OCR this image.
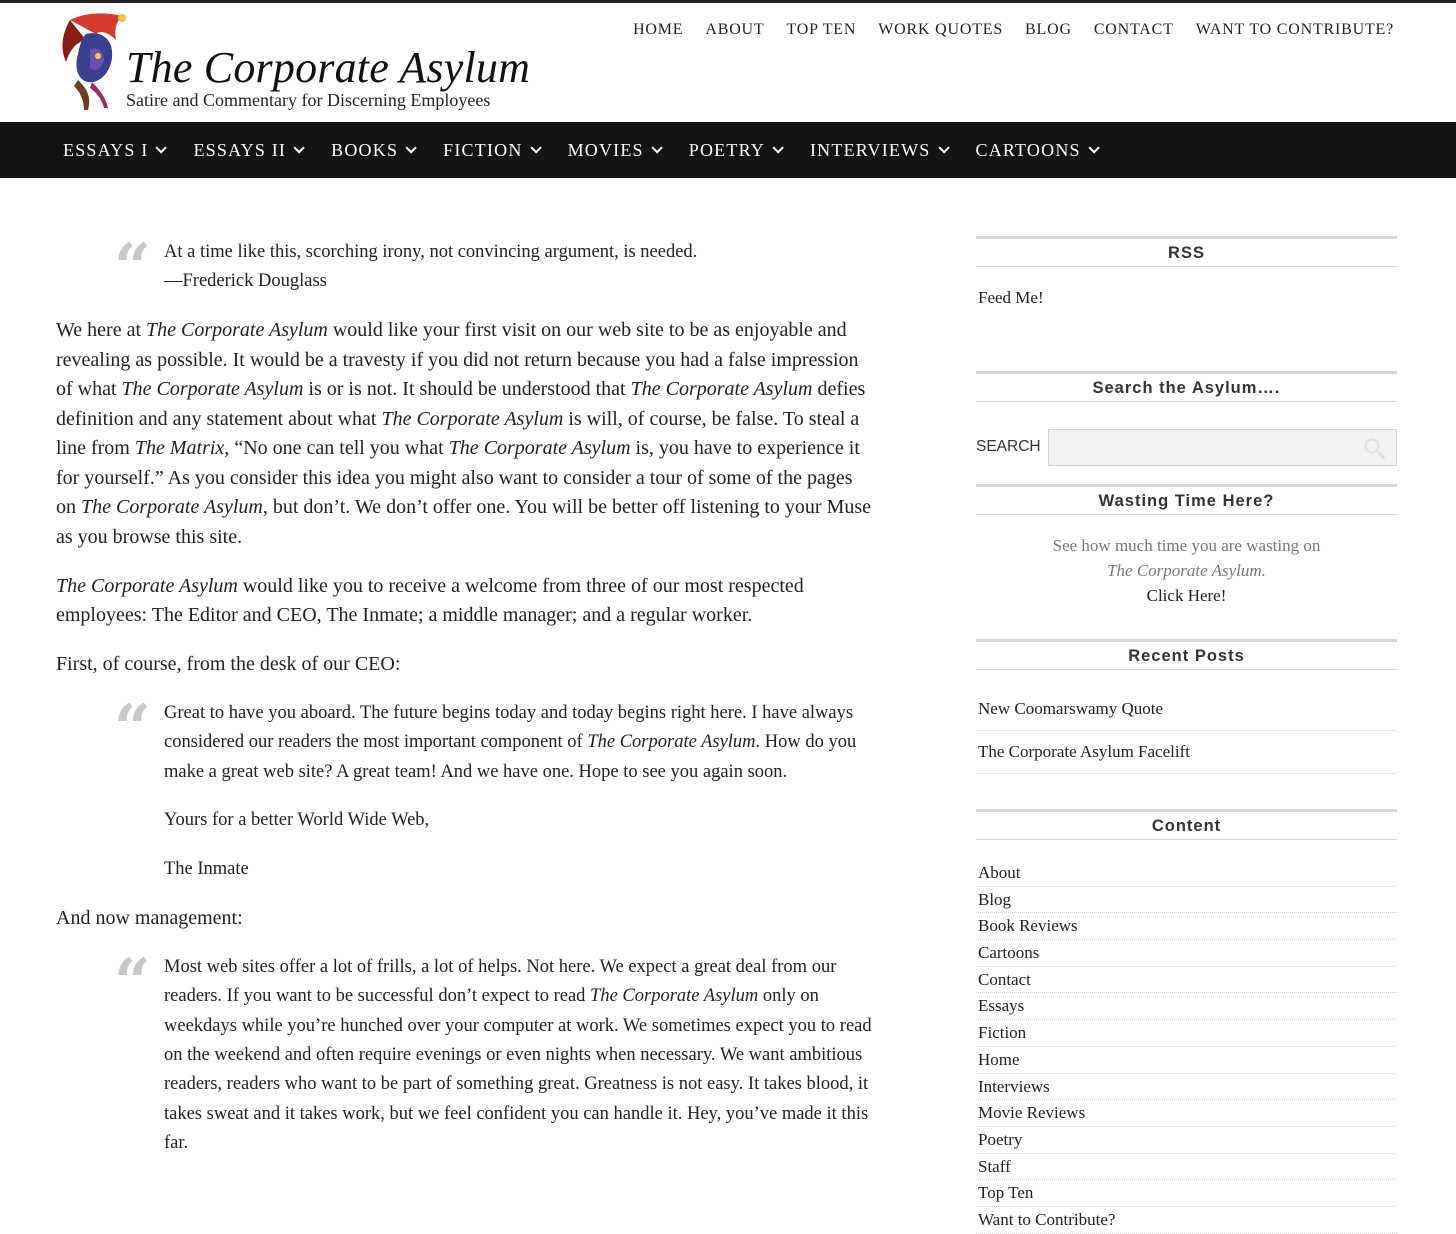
The Corporate Asylum
Satire and Commentary for Discerning Employees
HOME ABOUT TOP TEN WORK QUOTES BLOG CONTACT WANT TO CONTRIBUTE?
ESSAYS I	ESSAYS II	BOOKS	FICTION	MOVIES	POETRY	INTERVIEWS	CARTOONS
“ At a time like this, scorching irony, not convincing argument, is needed.
—Frederick Douglass

We here at The Corporate Asylum would like your first visit on our web site to be as enjoyable and revealing as possible. It would be a travesty if you did not return because you had a false impression of what The Corporate Asylum is or is not. It should be understood that The Corporate Asylum defies definition and any statement about what The Corporate Asylum is will, of course, be false. To steal a line from The Matrix, “No one can tell you what The Corporate Asylum is, you have to experience it for yourself.” As you consider this idea you might also want to consider a tour of some of the pages on The Corporate Asylum, but don’t. We don’t offer one. You will be better off listening to your Muse as you browse this site.

The Corporate Asylum would like you to receive a welcome from three of our most respected employees: The Editor and CEO, The Inmate; a middle manager; and a regular worker.

First, of course, from the desk of our CEO:

“ Great to have you aboard. The future begins today and today begins right here. I have always considered our readers the most important component of The Corporate Asylum. How do you make a great web site? A great team! And we have one. Hope to see you again soon.

Yours for a better World Wide Web,

The Inmate

And now management:

“ Most web sites offer a lot of frills, a lot of helps. Not here. We expect a great deal from our readers. If you want to be successful don’t expect to read The Corporate Asylum only on weekdays while you’re hunched over your computer at work. We sometimes expect you to read on the weekend and often require evenings or even nights when necessary. We want ambitious readers, readers who want to be part of something great. Greatness is not easy. It takes blood, it takes sweat and it takes work, but we feel confident you can handle it. Hey, you’ve made it this far.

RSS
Feed Me!
Search the Asylum….
SEARCH
Wasting Time Here?
See how much time you are wasting on
The Corporate Asylum.
Click Here!
Recent Posts
New Coomarswamy Quote
The Corporate Asylum Facelift
Content
About
Blog
Book Reviews
Cartoons
Contact
Essays
Fiction
Home
Interviews
Movie Reviews
Poetry
Staff
Top Ten
Want to Contribute?
